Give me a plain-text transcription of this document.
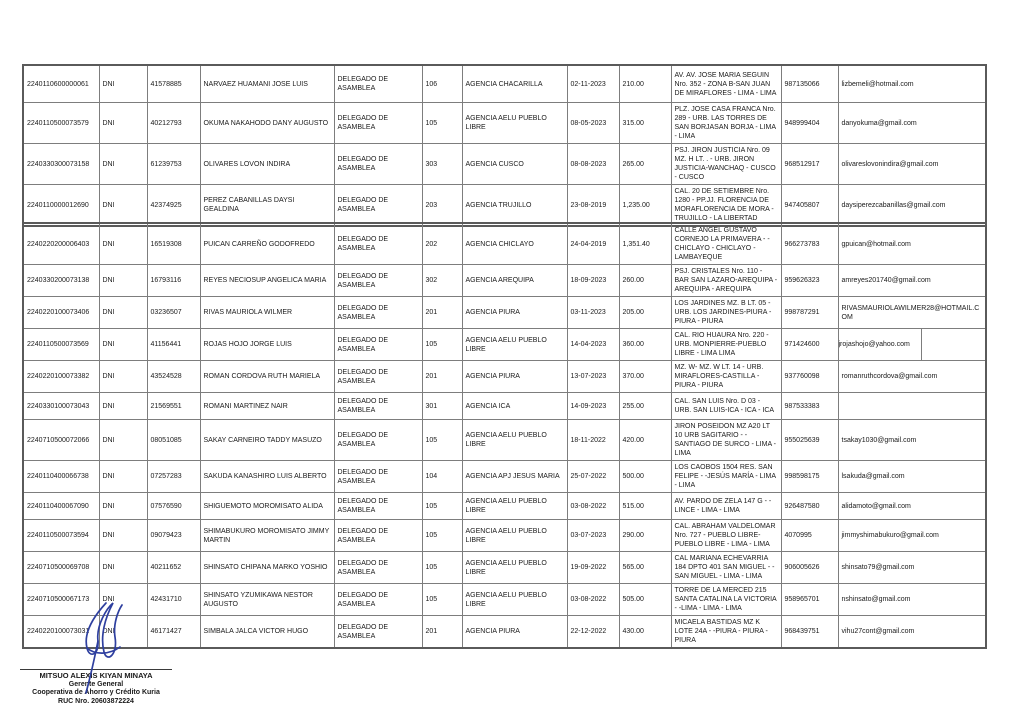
2240110600000061	DNI	41578885	NARVAEZ HUAMANI JOSE LUIS	DELEGADO DE ASAMBLEA	106	AGENCIA CHACARILLA	02-11-2023	210.00	AV. AV. JOSE MARIA SEGUIN Nro. 352 - ZONA B-SAN JUAN DE MIRAFLORES - LIMA - LIMA	987135066	lizbemeli@hotmail.com
2240110500073579	DNI	40212793	OKUMA NAKAHODO DANY AUGUSTO	DELEGADO DE ASAMBLEA	105	AGENCIA AELU PUEBLO LIBRE	08-05-2023	315.00	PLZ. JOSE CASA FRANCA Nro. 289 - URB. LAS TORRES DE SAN BORJASAN BORJA - LIMA - LIMA	948999404	danyokuma@gmail.com
2240330300073158	DNI	61239753	OLIVARES LOVON INDIRA	DELEGADO DE ASAMBLEA	303	AGENCIA CUSCO	08-08-2023	265.00	PSJ. JIRON JUSTICIA Nro. 09 MZ. H LT. . - URB. JIRON JUSTICIA-WANCHAQ - CUSCO - CUSCO	968512917	olivareslovonindira@gmail.com
2240110000012690	DNI	42374925	PEREZ CABANILLAS DAYSI GEALDINA	DELEGADO DE ASAMBLEA	203	AGENCIA TRUJILLO	23-08-2019	1,235.00	CAL. 20 DE SETIEMBRE Nro. 1280 - PP.JJ. FLORENCIA DE MORAFLORENCIA DE MORA - TRUJILLO - LA LIBERTAD	947405807	daysiperezcabanillas@gmail.com
2240220200006403	DNI	16519308	PUICAN CARREÑO GODOFREDO	DELEGADO DE ASAMBLEA	202	AGENCIA CHICLAYO	24-04-2019	1,351.40	CALLE ANGEL GUSTAVO CORNEJO LA PRIMAVERA - -CHICLAYO - CHICLAYO - LAMBAYEQUE	966273783	gpuican@hotmail.com
2240330200073138	DNI	16793116	REYES NECIOSUP ANGELICA MARIA	DELEGADO DE ASAMBLEA	302	AGENCIA AREQUIPA	18-09-2023	260.00	PSJ. CRISTALES Nro. 110 - BAR SAN LAZARO-AREQUIPA - AREQUIPA - AREQUIPA	959626323	amreyes201740@gmail.com
2240220100073406	DNI	03236507	RIVAS MAURIOLA WILMER	DELEGADO DE ASAMBLEA	201	AGENCIA PIURA	03-11-2023	205.00	LOS JARDINES MZ. B LT. 05 - URB. LOS JARDINES-PIURA - PIURA - PIURA	998787291	RIVASMAURIOLAWILMER28@HOTMAIL.COM
2240110500073569	DNI	41156441	ROJAS HOJO JORGE LUIS	DELEGADO DE ASAMBLEA	105	AGENCIA AELU PUEBLO LIBRE	14-04-2023	360.00	CAL. RIO HUAURA Nro. 220 - URB. MONPIERRE-PUEBLO LIBRE - LIMA LIMA	971424600	jrojashojo@yahoo.com

2240220100073382	DNI	43524528	ROMAN CORDOVA RUTH MARIELA	DELEGADO DE ASAMBLEA	201	AGENCIA PIURA	13-07-2023	370.00	MZ. W- MZ. W LT. 14 - URB. MIRAFLORES-CASTILLA - PIURA - PIURA	937760098	romanruthcordova@gmail.com
2240330100073043	DNI	21569551	ROMANI MARTINEZ NAIR	DELEGADO DE ASAMBLEA	301	AGENCIA ICA	14-09-2023	255.00	CAL. SAN LUIS Nro. D 03 - URB. SAN LUIS-ICA - ICA - ICA	987533383	
2240710500072066	DNI	08051085	SAKAY CARNEIRO TADDY MASUZO	DELEGADO DE ASAMBLEA	105	AGENCIA AELU PUEBLO LIBRE	18-11-2022	420.00	JIRON POSEIDON MZ A20 LT 10 URB SAGITARIO - -SANTIAGO DE SURCO - LIMA - LIMA	955025639	tsakay1030@gmail.com
2240110400066738	DNI	07257283	SAKUDA KANASHIRO LUIS ALBERTO	DELEGADO DE ASAMBLEA	104	AGENCIA APJ JESUS MARIA	25-07-2022	500.00	LOS CAOBOS 1504 RES. SAN FELIPE - -JESÚS MARÍA - LIMA - LIMA	998598175	lsakuda@gmail.com
2240110400067090	DNI	07576590	SHIGUEMOTO MOROMISATO ALIDA	DELEGADO DE ASAMBLEA	105	AGENCIA AELU PUEBLO LIBRE	03-08-2022	515.00	AV. PARDO DE ZELA 147 G - -LINCE - LIMA - LIMA	926487580	alidamoto@gmail.com
2240110500073594	DNI	09079423	SHIMABUKURO MOROMISATO JIMMY MARTIN	DELEGADO DE ASAMBLEA	105	AGENCIA AELU PUEBLO LIBRE	03-07-2023	290.00	CAL. ABRAHAM VALDELOMAR Nro. 727 - PUEBLO LIBRE-PUEBLO LIBRE - LIMA - LIMA	4070995	jimmyshimabukuro@gmail.com
2240710500069708	DNI	40211652	SHINSATO CHIPANA MARKO YOSHIO	DELEGADO DE ASAMBLEA	105	AGENCIA AELU PUEBLO LIBRE	19-09-2022	565.00	CAL MARIANA ECHEVARRIA 184 DPTO 401 SAN MIGUEL - -SAN MIGUEL - LIMA - LIMA	906005626	shinsato79@gmail.com
2240710500067173	DNI	42431710	SHINSATO YZUMIKAWA NESTOR AUGUSTO	DELEGADO DE ASAMBLEA	105	AGENCIA AELU PUEBLO LIBRE	03-08-2022	505.00	TORRE DE LA MERCED 215 SANTA CATALINA LA VICTORIA - -LIMA - LIMA - LIMA	958965701	nshinsato@gmail.com
2240220100073031	DNI	46171427	SIMBALA JALCA VICTOR HUGO	DELEGADO DE ASAMBLEA	201	AGENCIA PIURA	22-12-2022	430.00	MICAELA BASTIDAS MZ K LOTE 24A - -PIURA - PIURA - PIURA	968439751	vihu27cont@gmail.com
MITSUO ALEXIS KIYAN MINAYA
Gerente General
Cooperativa de Ahorro y Crédito Kuria
RUC Nro. 20603872224
